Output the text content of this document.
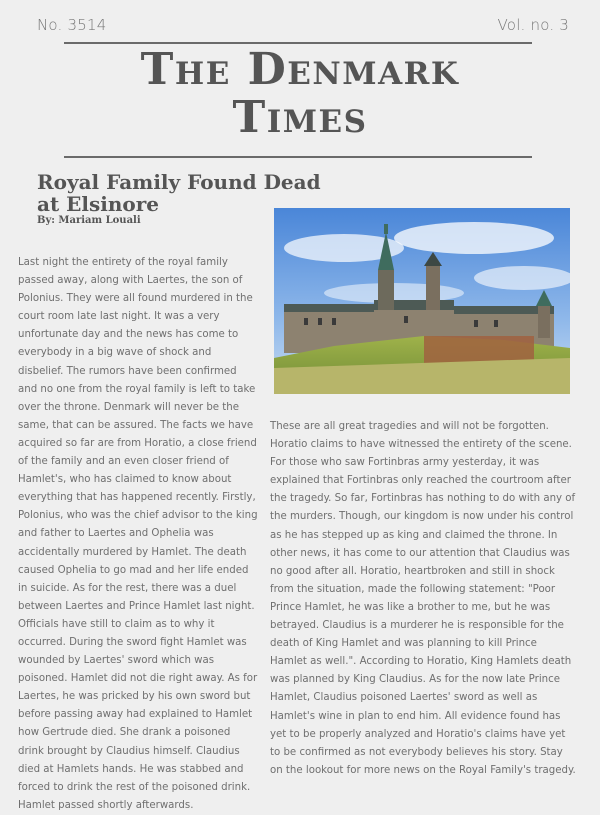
No. 3514	Vol. no. 3
The Denmark
Times
Royal Family Found Dead
at Elsinore
By: Mariam Louali
Last night the entirety of the royal family passed away, along with Laertes, the son of Polonius. They were all found murdered in the court room late last night. It was a very unfortunate day and the news has come to everybody in a big wave of shock and disbelief. The rumors have been confirmed and no one from the royal family is left to take over the throne. Denmark will never be the same, that can be assured. The facts we have acquired so far are from Horatio, a close friend of the family and an even closer friend of Hamlet's, who has claimed to know about everything that has happened recently. Firstly, Polonius, who was the chief advisor to the king and father to Laertes and Ophelia was accidentally murdered by Hamlet. The death caused Ophelia to go mad and her life ended in suicide. As for the rest, there was a duel between Laertes and Prince Hamlet last night. Officials have still to claim as to why it occurred. During the sword fight Hamlet was wounded by Laertes' sword which was poisoned. Hamlet did not die right away. As for Laertes, he was pricked by his own sword but before passing away had explained to Hamlet how Gertrude died. She drank a poisoned drink brought by Claudius himself. Claudius died at Hamlets hands. He was stabbed and forced to drink the rest of the poisoned drink. Hamlet passed shortly afterwards.
These are all great tragedies and will not be forgotten. Horatio claims to have witnessed the entirety of the scene. For those who saw Fortinbras army yesterday, it was explained that Fortinbras only reached the courtroom after the tragedy. So far, Fortinbras has nothing to do with any of the murders. Though, our kingdom is now under his control as he has stepped up as king and claimed the throne. In other news, it has come to our attention that Claudius was no good after all. Horatio, heartbroken and still in shock from the situation, made the following statement: "Poor Prince Hamlet, he was like a brother to me, but he was betrayed. Claudius is a murderer he is responsible for the death of King Hamlet and was planning to kill Prince Hamlet as well.". According to Horatio, King Hamlets death was planned by King Claudius. As for the now late Prince Hamlet, Claudius poisoned Laertes' sword as well as Hamlet's wine in plan to end him. All evidence found has yet to be properly analyzed and Horatio's claims have yet to be confirmed as not everybody believes his story. Stay on the lookout for more news on the Royal Family's tragedy.
